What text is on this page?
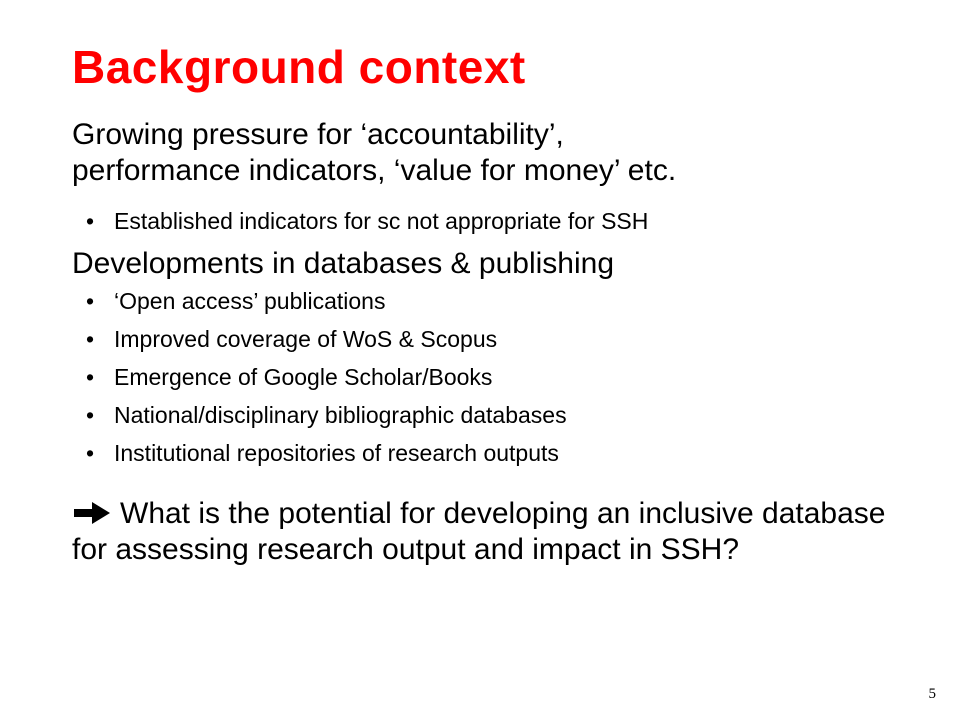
Background context
Growing pressure for ‘accountability’,
performance indicators, ‘value for money’ etc.
• Established indicators for sc not appropriate for SSH
Developments in databases & publishing
• ‘Open access’ publications
• Improved coverage of WoS & Scopus
• Emergence of Google Scholar/Books
• National/disciplinary bibliographic databases
• Institutional repositories of research outputs
What is the potential for developing an inclusive database for assessing research output and impact in SSH?
5
